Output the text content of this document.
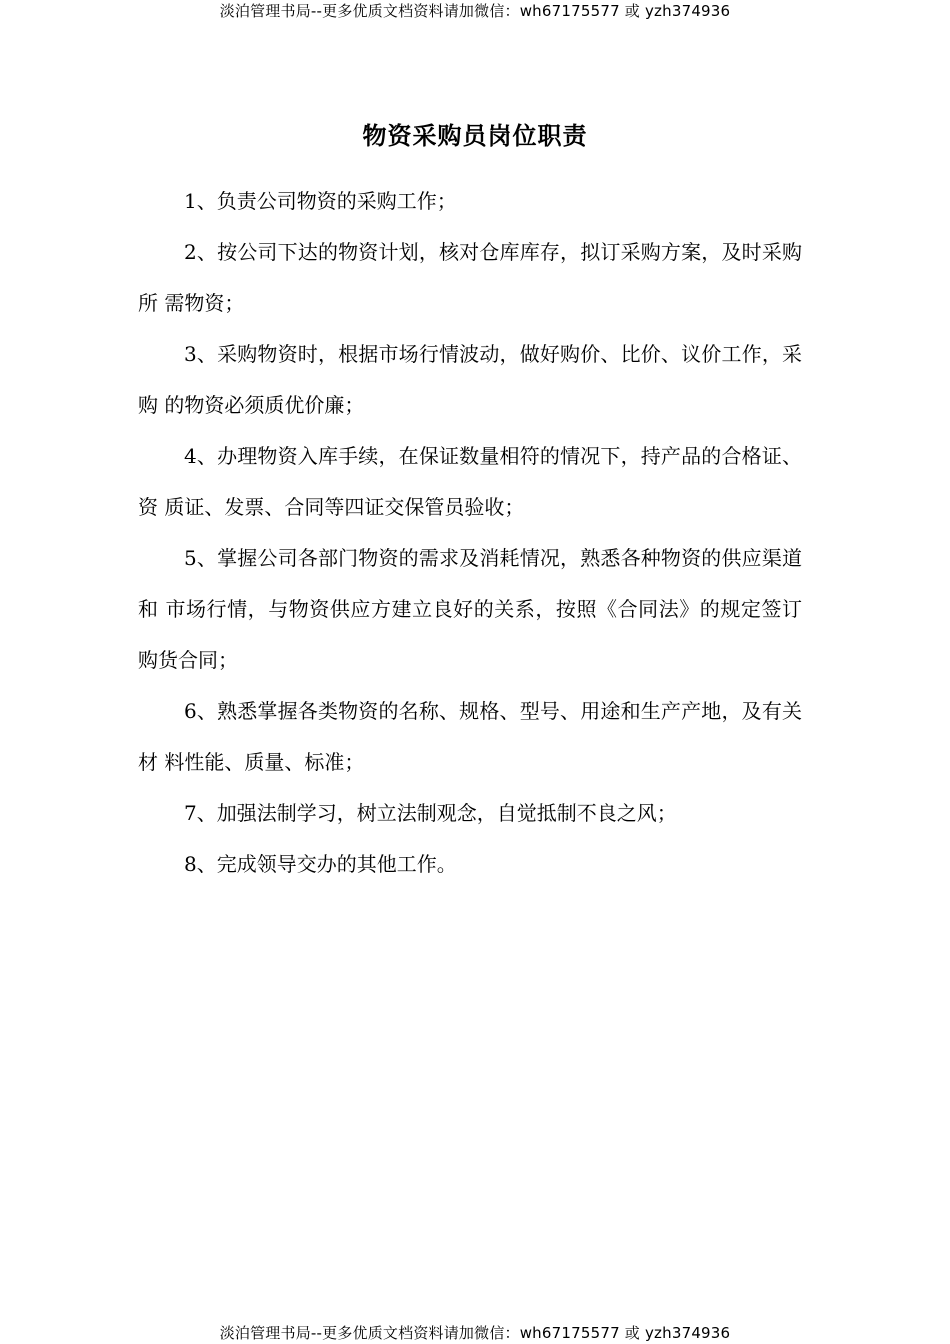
淡泊管理书局--更多优质文档资料请加微信：wh67175577 或 yzh374936
物资采购员岗位职责

1、负责公司物资的采购工作；

2、按公司下达的物资计划，核对仓库库存，拟订采购方案，及时采购所 需物资；

3、采购物资时，根据市场行情波动，做好购价、比价、议价工作，采购 的物资必须质优价廉；

4、办理物资入库手续，在保证数量相符的情况下，持产品的合格证、资 质证、发票、合同等四证交保管员验收；

5、掌握公司各部门物资的需求及消耗情况，熟悉各种物资的供应渠道和 市场行情，与物资供应方建立良好的关系，按照《合同法》的规定签订购货合同；

6、熟悉掌握各类物资的名称、规格、型号、用途和生产产地，及有关材 料性能、质量、标准；

7、加强法制学习，树立法制观念，自觉抵制不良之风；

8、完成领导交办的其他工作。

淡泊管理书局--更多优质文档资料请加微信：wh67175577 或 yzh374936
